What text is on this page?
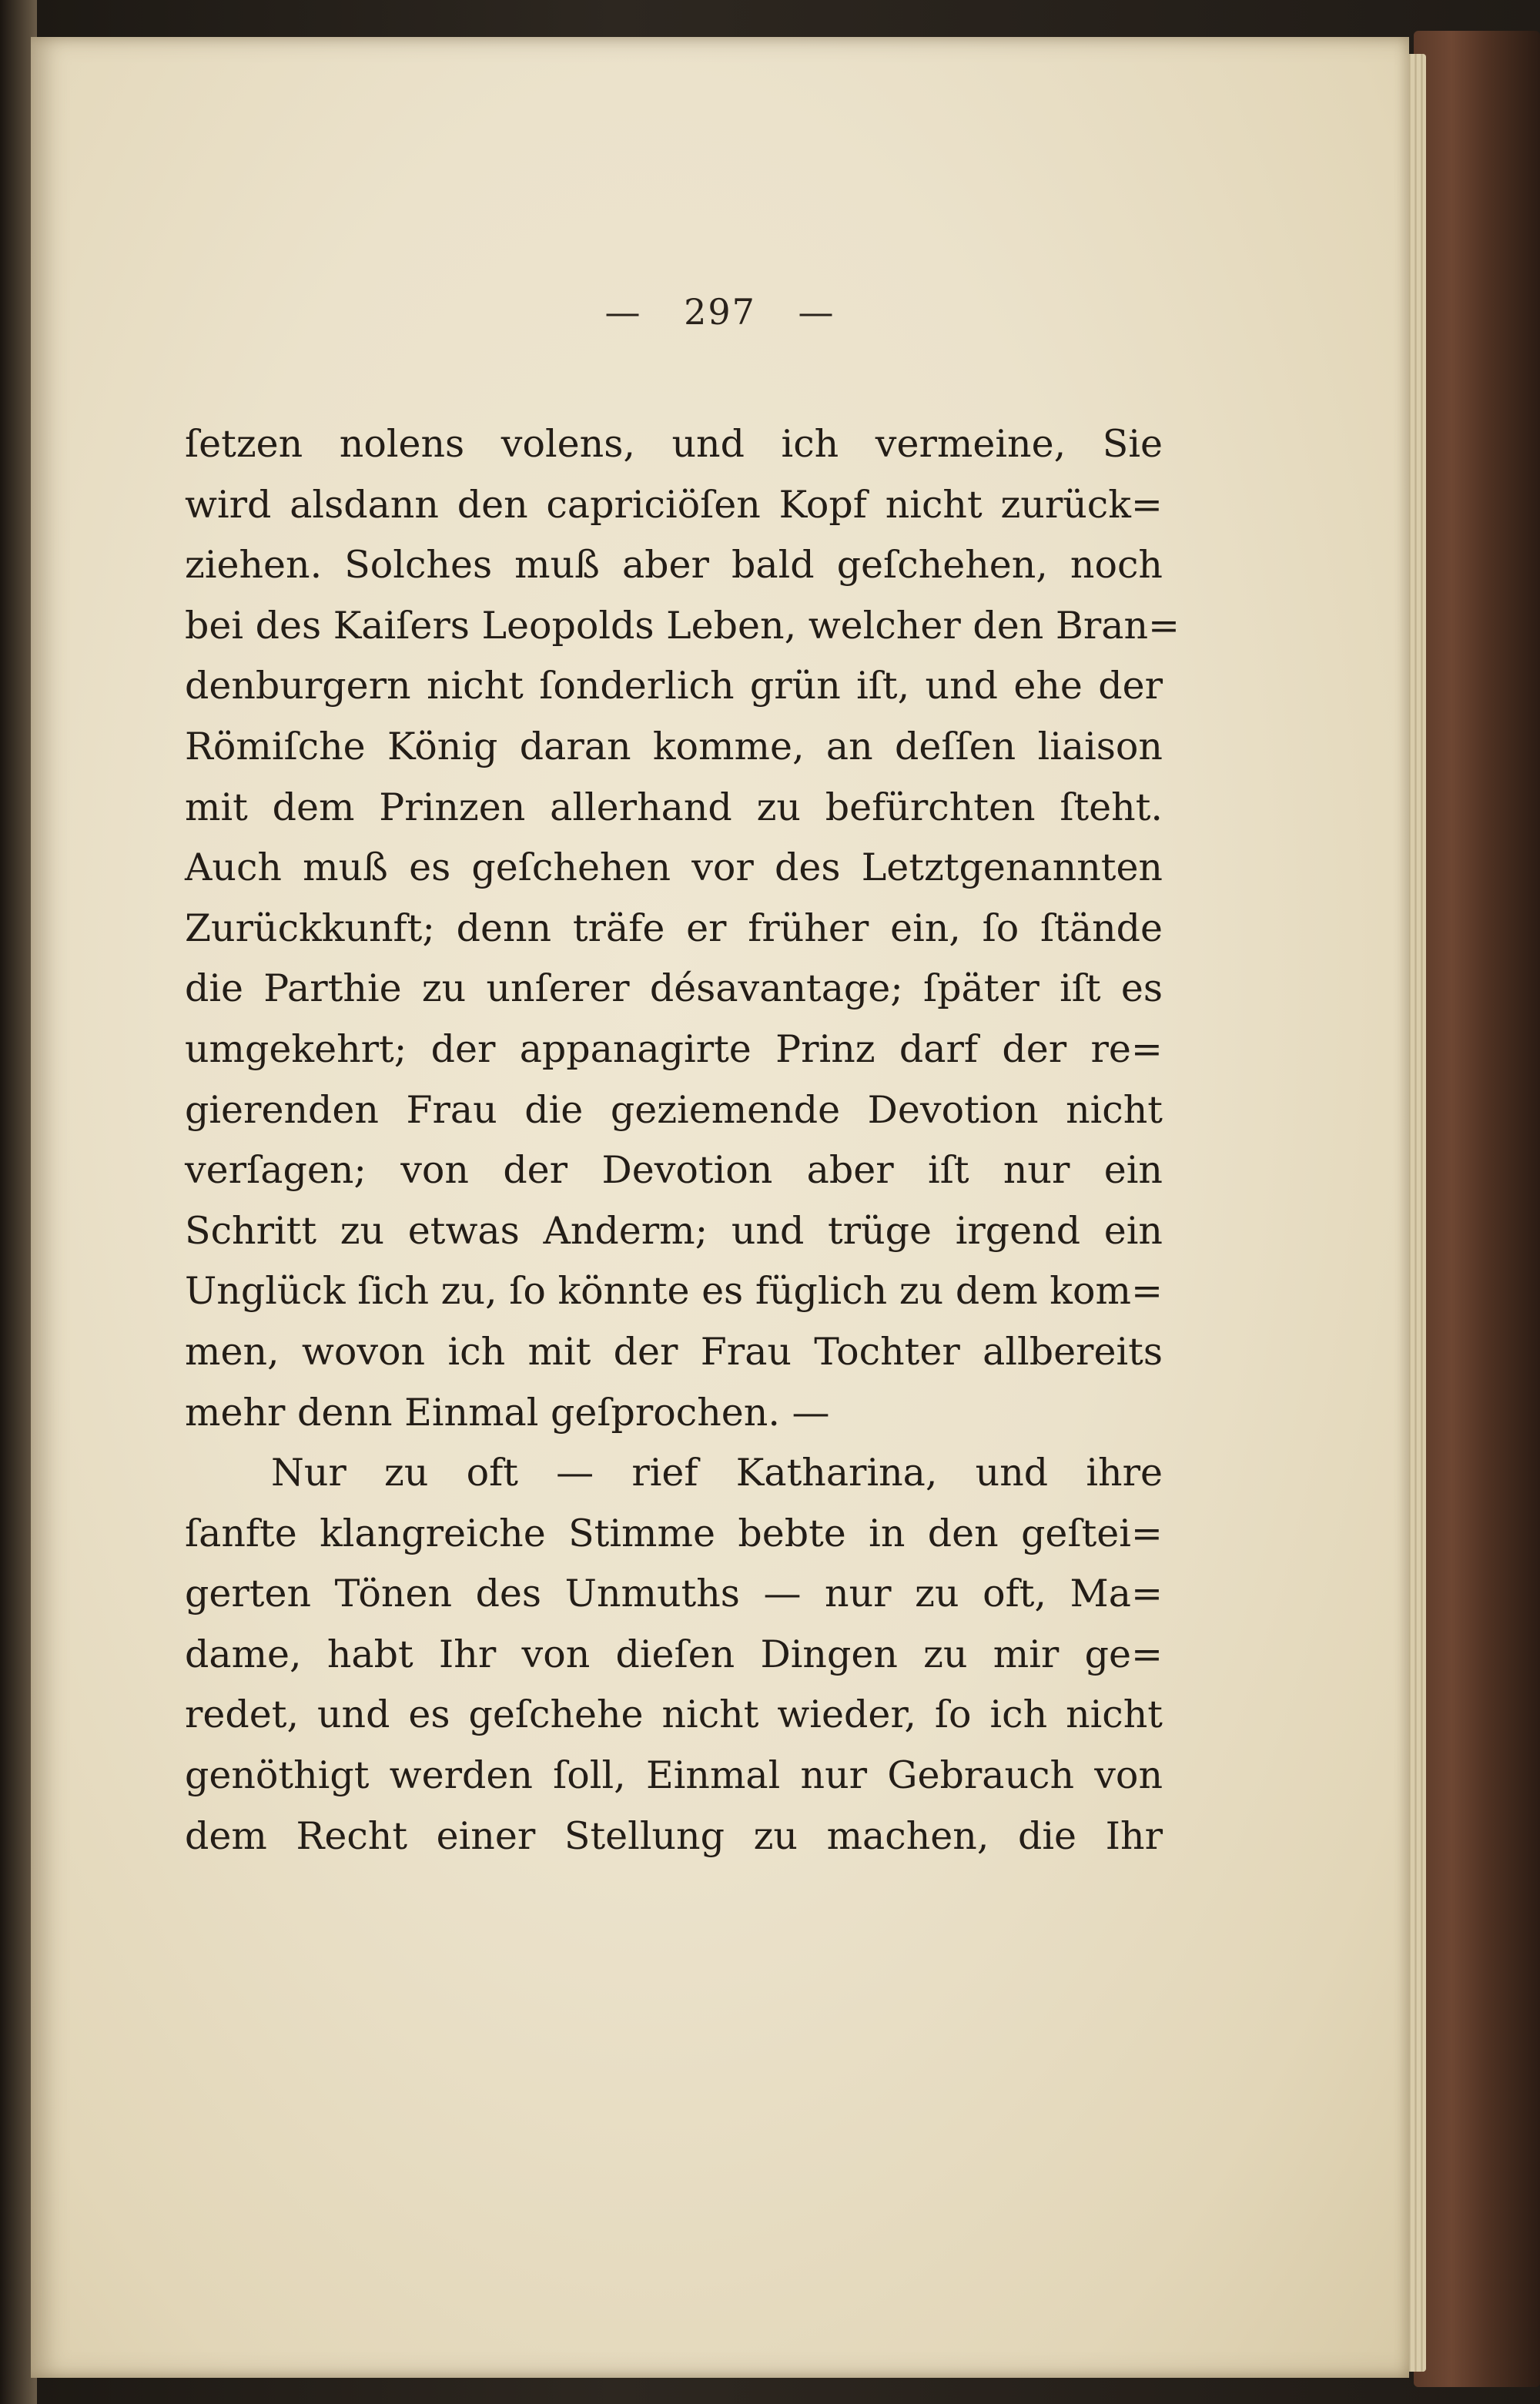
— 297 —
ſetzen nolens volens, und ich vermeine, Sie
wird alsdann den capriciöſen Kopf nicht zurück=
ziehen. Solches muß aber bald geſchehen, noch
bei des Kaiſers Leopolds Leben, welcher den Bran=
denburgern nicht ſonderlich grün iſt, und ehe der
Römiſche König daran komme, an deſſen liaison
mit dem Prinzen allerhand zu befürchten ſteht.
Auch muß es geſchehen vor des Letztgenannten
Zurückkunft; denn träfe er früher ein, ſo ſtände
die Parthie zu unſerer désavantage; ſpäter iſt es
umgekehrt; der appanagirte Prinz darf der re=
gierenden Frau die geziemende Devotion nicht
verſagen; von der Devotion aber iſt nur ein
Schritt zu etwas Anderm; und trüge irgend ein
Unglück ſich zu, ſo könnte es füglich zu dem kom=
men, wovon ich mit der Frau Tochter allbereits
mehr denn Einmal geſprochen. —
Nur zu oft — rief Katharina, und ihre
ſanfte klangreiche Stimme bebte in den geſtei=
gerten Tönen des Unmuths — nur zu oft, Ma=
dame, habt Ihr von dieſen Dingen zu mir ge=
redet, und es geſchehe nicht wieder, ſo ich nicht
genöthigt werden ſoll, Einmal nur Gebrauch von
dem Recht einer Stellung zu machen, die Ihr
